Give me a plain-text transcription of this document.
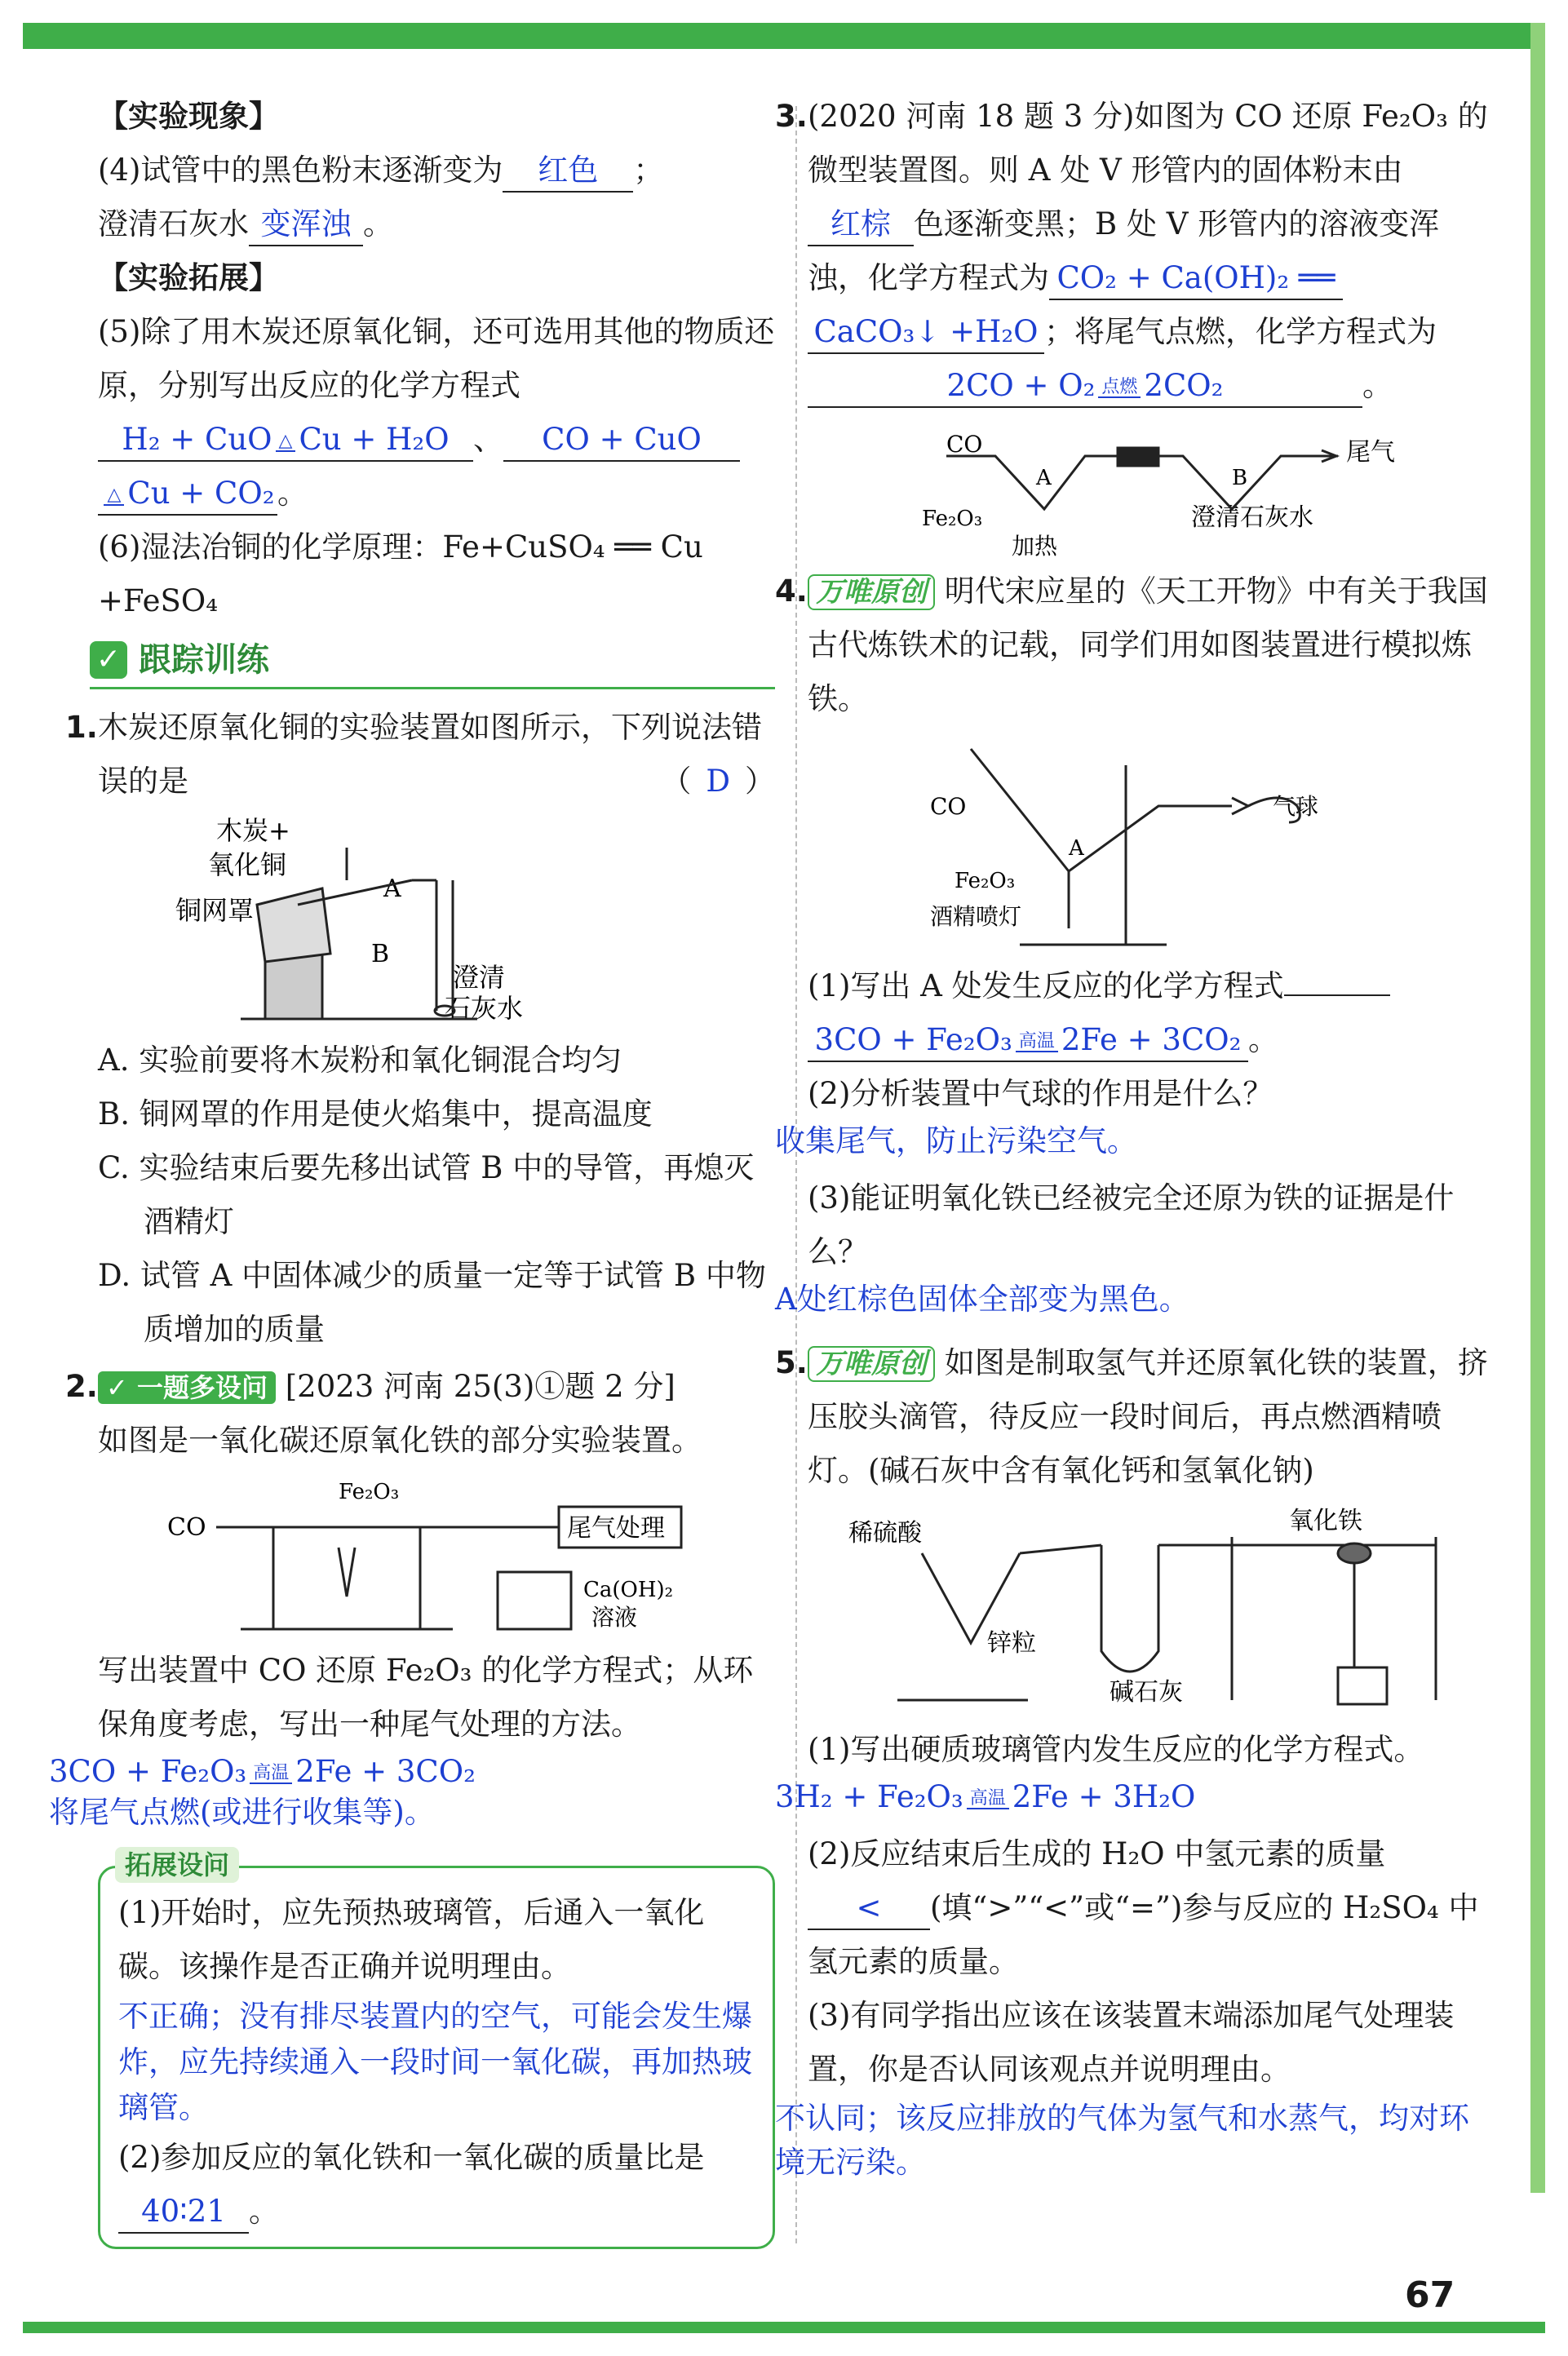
【实验现象】

(4)试管中的黑色粉末逐渐变为 红色 ；
澄清石灰水 变浑浊 。

【实验拓展】

(5)除了用木炭还原氧化铜，还可选用其他的物质还原，分别写出反应的化学方程式

H₂ + CuO △ Cu + H₂O 、 CO + CuO

△ Cu + CO₂。

(6)湿法冶铜的化学原理：Fe+CuSO₄ ══ Cu +FeSO₄

✓ 跟踪训练

1.木炭还原氧化铜的实验装置如图所示，下列说法错误的是	（ D ）

木炭+
氧化铜
A
铜网罩
B
澄清
石灰水

A. 实验前要将木炭粉和氧化铜混合均匀

B. 铜网罩的作用是使火焰集中，提高温度

C. 实验结束后要先移出试管 B 中的导管，再熄灭酒精灯

D. 试管 A 中固体减少的质量一定等于试管 B 中物质增加的质量

2. ✓ 一题多设问 [2023 河南 25(3)①题 2 分]

如图是一氧化碳还原氧化铁的部分实验装置。

CO
Fe₂O₃
尾气处理
Ca(OH)₂
溶液

写出装置中 CO 还原 Fe₂O₃ 的化学方程式；从环保角度考虑，写出一种尾气处理的方法。

3CO + Fe₂O₃ 高温 2Fe + 3CO₂

将尾气点燃(或进行收集等)。

拓展设问

(1)开始时，应先预热玻璃管，后通入一氧化碳。该操作是否正确并说明理由。

不正确；没有排尽装置内的空气，可能会发生爆炸，应先持续通入一段时间一氧化碳，再加热玻璃管。

(2)参加反应的氧化铁和一氧化碳的质量比是40∶21 。

3.(2020 河南 18 题 3 分)如图为 CO 还原 Fe₂O₃ 的微型装置图。则 A 处 V 形管内的固体粉末由红棕 色逐渐变黑；B 处 V 形管内的溶液变浑浊，化学方程式为 CO₂ + Ca(OH)₂ ══
CaCO₃↓ +H₂O ；将尾气点燃，化学方程式为
2CO + O₂ 点燃 2CO₂	。

CO	尾气
A	B
Fe₂O₃	澄清石灰水
加热

4. 万唯原创 明代宋应星的《天工开物》中有关于我国古代炼铁术的记载，同学们用如图装置进行模拟炼铁。

CO
A
气球
Fe₂O₃
酒精喷灯

(1)写出 A 处发生反应的化学方程式

3CO + Fe₂O₃ 高温 2Fe + 3CO₂ 。

(2)分析装置中气球的作用是什么？

收集尾气，防止污染空气。

(3)能证明氧化铁已经被完全还原为铁的证据是什么？

A处红棕色固体全部变为黑色。

5. 万唯原创 如图是制取氢气并还原氧化铁的装置，挤压胶头滴管，待反应一段时间后，再点燃酒精喷灯。(碱石灰中含有氧化钙和氢氧化钠)

稀硫酸	氧化铁
锌粒
碱石灰

(1)写出硬质玻璃管内发生反应的化学方程式。

3H₂ + Fe₂O₃ 高温 2Fe + 3H₂O

(2)反应结束后生成的 H₂O 中氢元素的质量
< (填“>”“<”或“=”)参与反应的 H₂SO₄ 中氢元素的质量。

(3)有同学指出应该在该装置末端添加尾气处理装置，你是否认同该观点并说明理由。

不认同；该反应排放的气体为氢气和水蒸气，均对环境无污染。

67
